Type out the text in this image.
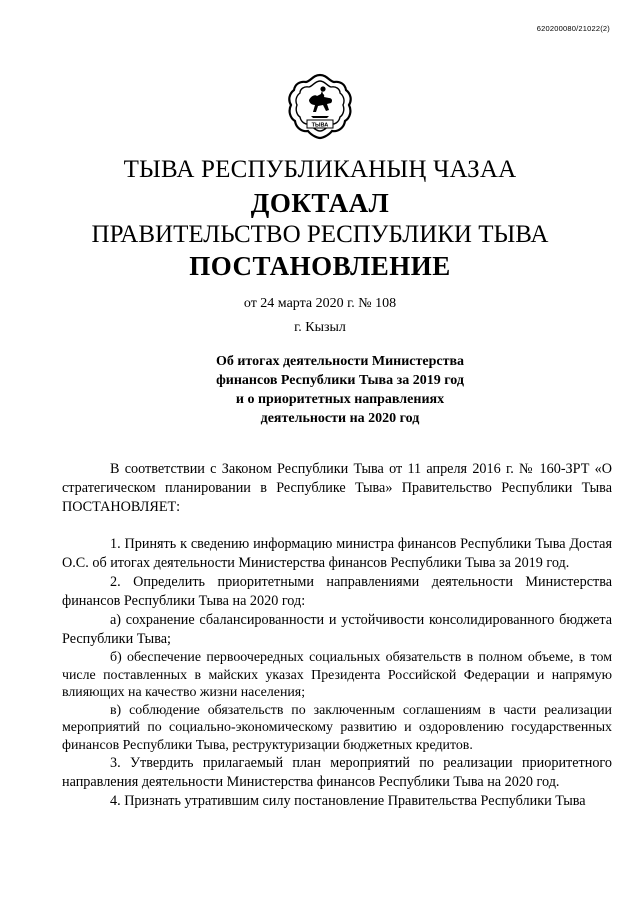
620200080/21022(2)
ТЫВА
ТЫВА РЕСПУБЛИКАНЫҢ ЧАЗАА
ДОКТААЛ
ПРАВИТЕЛЬСТВО РЕСПУБЛИКИ ТЫВА
ПОСТАНОВЛЕНИЕ
от 24 марта 2020 г. № 108
г. Кызыл
Об итогах деятельности Министерства
финансов Республики Тыва за 2019 год
и о приоритетных направлениях
деятельности на 2020 год

В соответствии с Законом Республики Тыва от 11 апреля 2016 г. № 160-ЗРТ «О стратегическом планировании в Республике Тыва» Правительство Республики Тыва ПОСТАНОВЛЯЕТ:

1. Принять к сведению информацию министра финансов Республики Тыва Достая О.С. об итогах деятельности Министерства финансов Республики Тыва за 2019 год.

2. Определить приоритетными направлениями деятельности Министерства финансов Республики Тыва на 2020 год:

а) сохранение сбалансированности и устойчивости консолидированного бюджета Республики Тыва;

б) обеспечение первоочередных социальных обязательств в полном объеме, в том числе поставленных в майских указах Президента Российской Федерации и напрямую влияющих на качество жизни населения;

в) соблюдение обязательств по заключенным соглашениям в части реализации мероприятий по социально-экономическому развитию и оздоровлению государственных финансов Республики Тыва, реструктуризации бюджетных кредитов.

3. Утвердить прилагаемый план мероприятий по реализации приоритетного направления деятельности Министерства финансов Республики Тыва на 2020 год.

4. Признать утратившим силу постановление Правительства Республики Тыва
